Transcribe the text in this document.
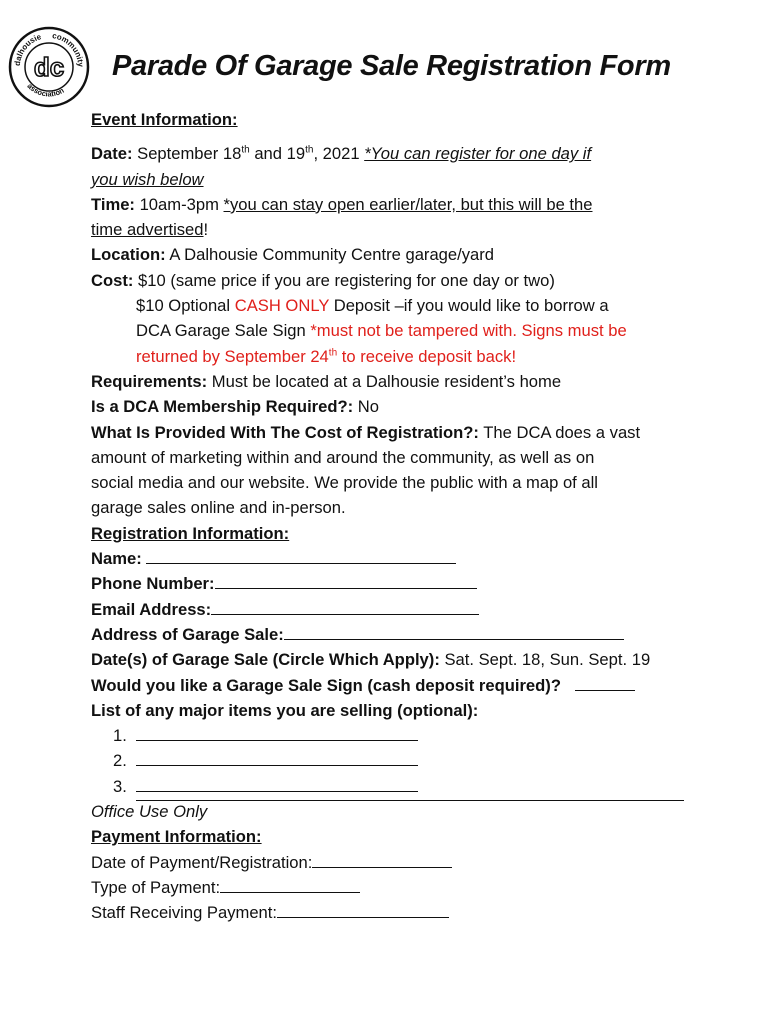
dalhousie community
association
dc Parade Of Garage Sale Registration Form
Event Information:
Date: September 18th and 19th, 2021 *You can register for one day if
you wish below
Time: 10am-3pm *you can stay open earlier/later, but this will be the
time advertised!
Location: A Dalhousie Community Centre garage/yard
Cost: $10 (same price if you are registering for one day or two)
$10 Optional CASH ONLY Deposit –if you would like to borrow a
DCA Garage Sale Sign *must not be tampered with. Signs must be
returned by September 24th to receive deposit back!
Requirements: Must be located at a Dalhousie resident’s home
Is a DCA Membership Required?: No
What Is Provided With The Cost of Registration?: The DCA does a vast
amount of marketing within and around the community, as well as on
social media and our website. We provide the public with a map of all
garage sales online and in-person.
Registration Information:
Name:
Phone Number:
Email Address:
Address of Garage Sale:
Date(s) of Garage Sale (Circle Which Apply): Sat. Sept. 18, Sun. Sept. 19
Would you like a Garage Sale Sign (cash deposit required)?
List of any major items you are selling (optional):
1.
2.
3.
Office Use Only
Payment Information:
Date of Payment/Registration:
Type of Payment:
Staff Receiving Payment:
